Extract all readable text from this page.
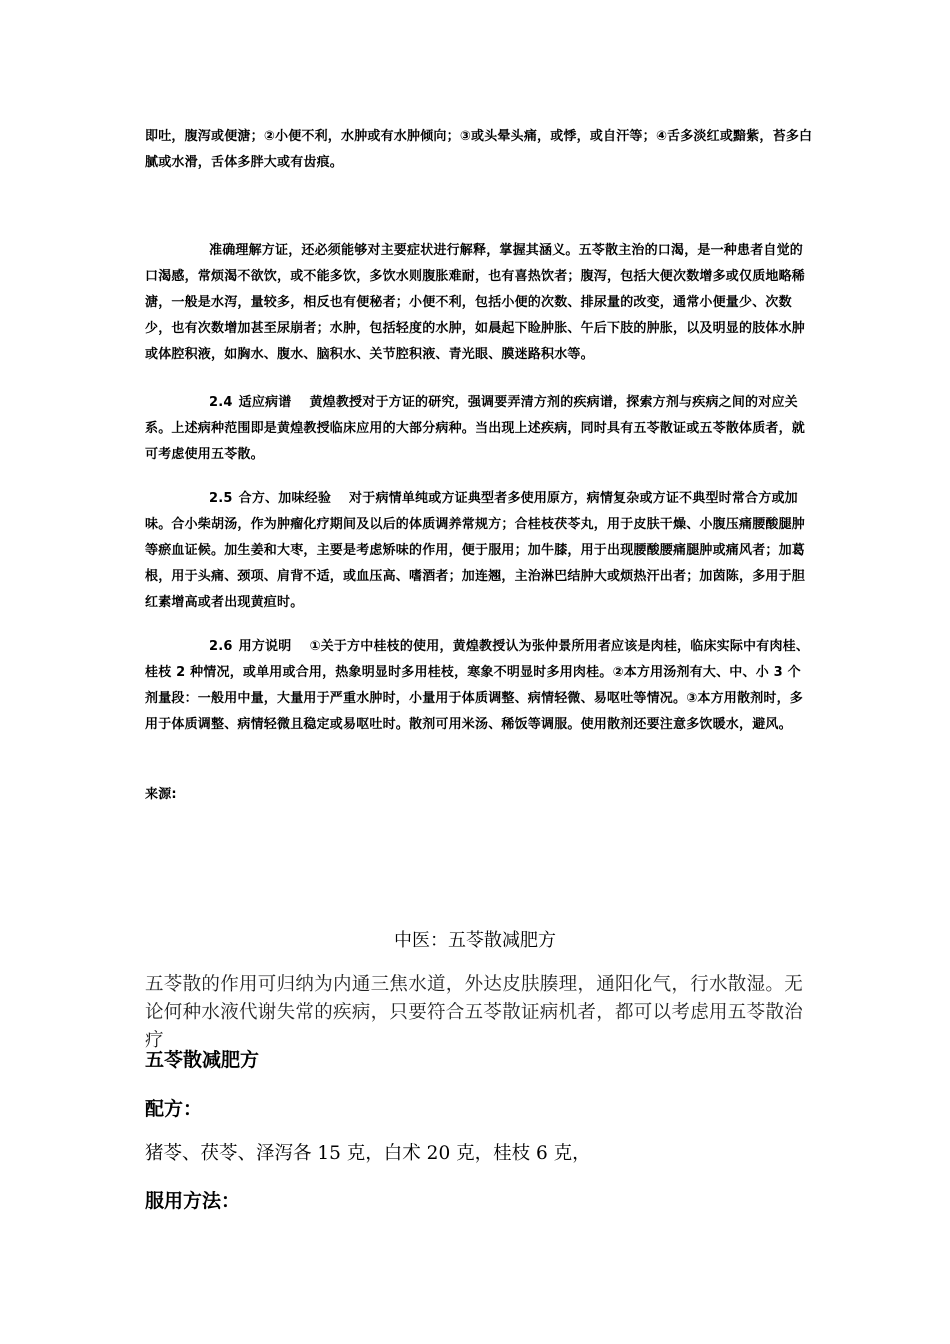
即吐，腹泻或便溏；②小便不利，水肿或有水肿倾向；③或头晕头痛，或悸，或自汗等；④舌多淡红或黯紫，苔多白腻或水滑，舌体多胖大或有齿痕。

准确理解方证，还必须能够对主要症状进行解释，掌握其涵义。五苓散主治的口渴，是一种患者自觉的口渴感，常烦渴不欲饮，或不能多饮，多饮水则腹胀难耐，也有喜热饮者；腹泻，包括大便次数增多或仅质地略稀溏，一般是水泻，量较多，相反也有便秘者；小便不利，包括小便的次数、排尿量的改变，通常小便量少、次数少，也有次数增加甚至尿崩者；水肿，包括轻度的水肿，如晨起下睑肿胀、午后下肢的肿胀，以及明显的肢体水肿或体腔积液，如胸水、腹水、脑积水、关节腔积液、青光眼、膜迷路积水等。

2.4 适应病谱 黄煌教授对于方证的研究，强调要弄清方剂的疾病谱，探索方剂与疾病之间的对应关系。上述病种范围即是黄煌教授临床应用的大部分病种。当出现上述疾病，同时具有五苓散证或五苓散体质者，就可考虑使用五苓散。

2.5 合方、加味经验 对于病情单纯或方证典型者多使用原方，病情复杂或方证不典型时常合方或加味。合小柴胡汤，作为肿瘤化疗期间及以后的体质调养常规方；合桂枝茯苓丸，用于皮肤干燥、小腹压痛腰酸腿肿等瘀血证候。加生姜和大枣，主要是考虑矫味的作用，便于服用；加牛膝，用于出现腰酸腰痛腿肿或痛风者；加葛根，用于头痛、颈项、肩背不适，或血压高、嗜酒者；加连翘，主治淋巴结肿大或烦热汗出者；加茵陈，多用于胆红素增高或者出现黄疸时。

2.6 用方说明 ①关于方中桂枝的使用，黄煌教授认为张仲景所用者应该是肉桂，临床实际中有肉桂、桂枝 2 种情况，或单用或合用，热象明显时多用桂枝，寒象不明显时多用肉桂。②本方用汤剂有大、中、小 3 个剂量段：一般用中量，大量用于严重水肿时，小量用于体质调整、病情轻微、易呕吐等情况。③本方用散剂时，多用于体质调整、病情轻微且稳定或易呕吐时。散剂可用米汤、稀饭等调服。使用散剂还要注意多饮暖水，避风。

来源:

中医：五苓散减肥方

五苓散的作用可归纳为内通三焦水道，外达皮肤腠理，通阳化气，行水散湿。无论何种水液代谢失常的疾病，只要符合五苓散证病机者，都可以考虑用五苓散治疗

五苓散减肥方

配方：

猪苓、茯苓、泽泻各 15 克，白术 20 克，桂枝 6 克，

服用方法：
